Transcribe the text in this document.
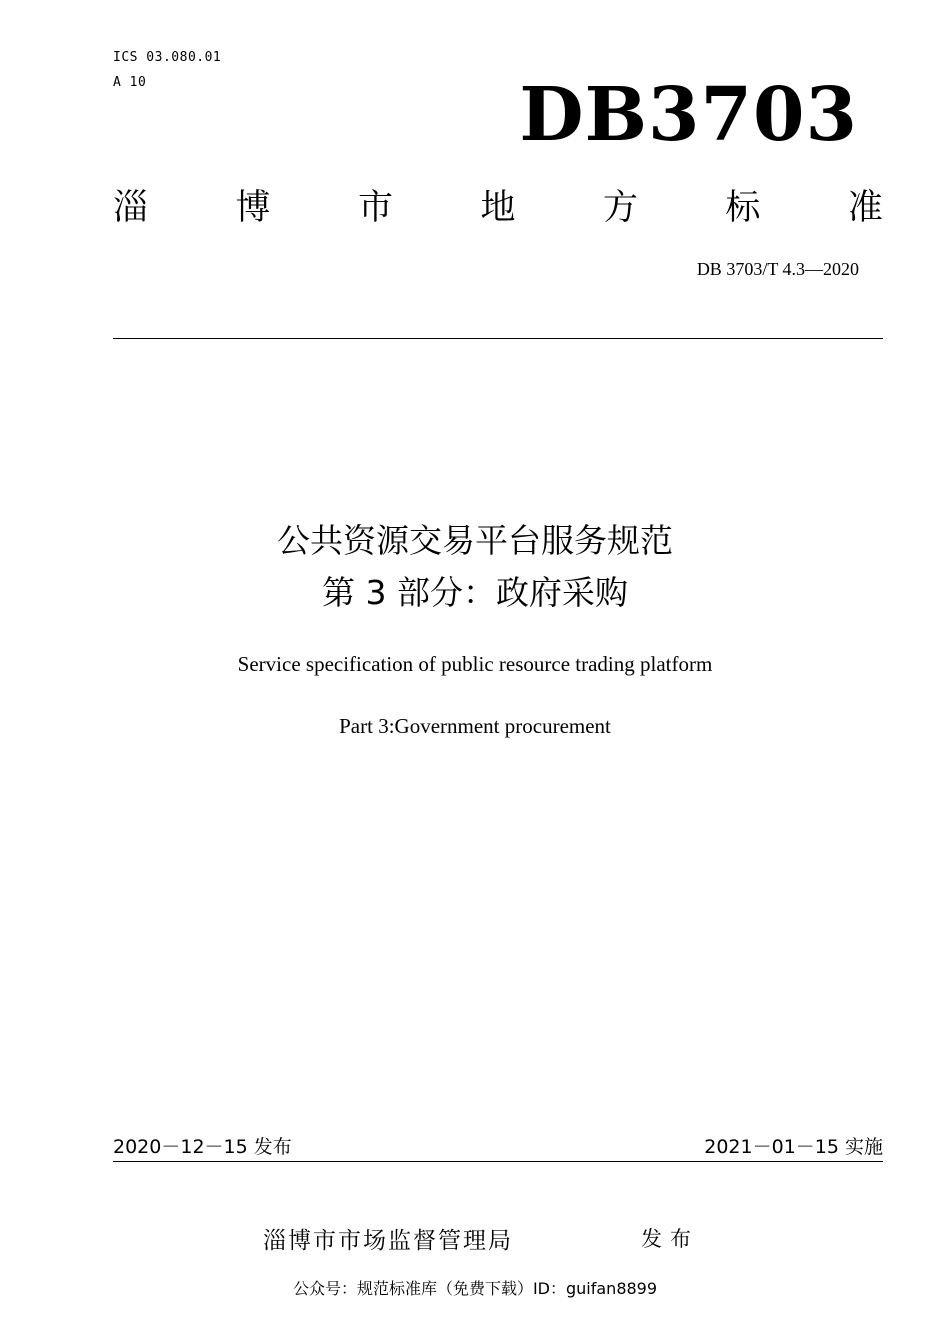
ICS 03.080.01
A 10	DB3703
淄 博 市 地 方 标 准
DB 3703/T 4.3—2020
公共资源交易平台服务规范
第 3 部分：政府采购
Service specification of public resource trading platform
Part 3:Government procurement
2020－12－15 发布	2021－01－15 实施
淄博市市场监督管理局	发布
公众号：规范标准库（免费下载）ID：guifan8899
